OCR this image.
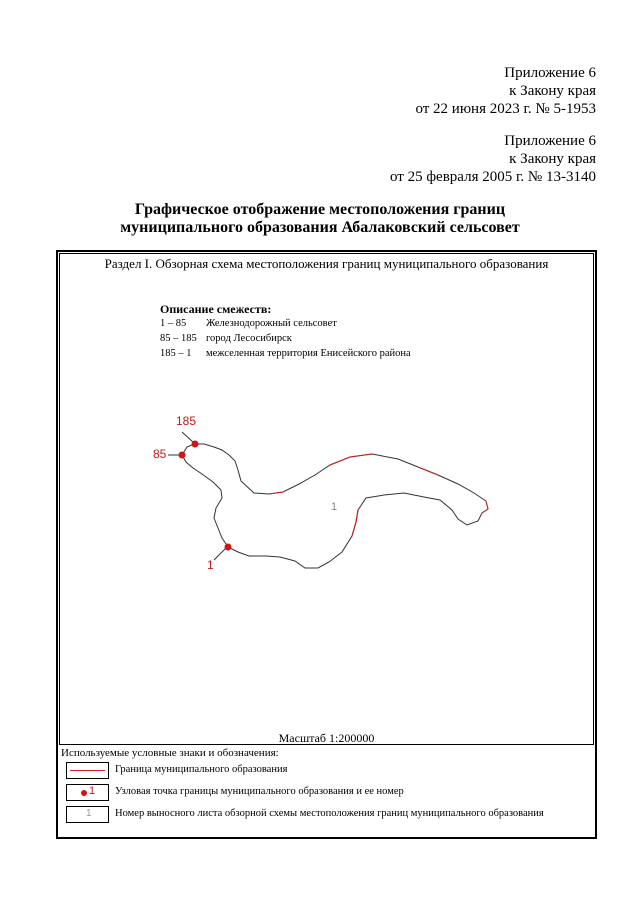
Приложение 6
к Закону края
от 22 июня 2023 г. № 5-1953
Приложение 6
к Закону края
от 25 февраля 2005 г. № 13-3140
Графическое отображение местоположения границ
муниципального образования Абалаковский сельсовет
Раздел I. Обзорная схема местоположения границ муниципального образования
Описание смежеств:
1 – 85 Железнодорожный сельсовет
85 – 185 город Лесосибирск
185 – 1 межселенная территория Енисейского района
185
85
1
1
Масштаб 1:200000
Используемые условные знаки и обозначения:
Граница муниципального образования
1 Узловая точка границы муниципального образования и ее номер
1 Номер выносного листа обзорной схемы местоположения границ муниципального образования
